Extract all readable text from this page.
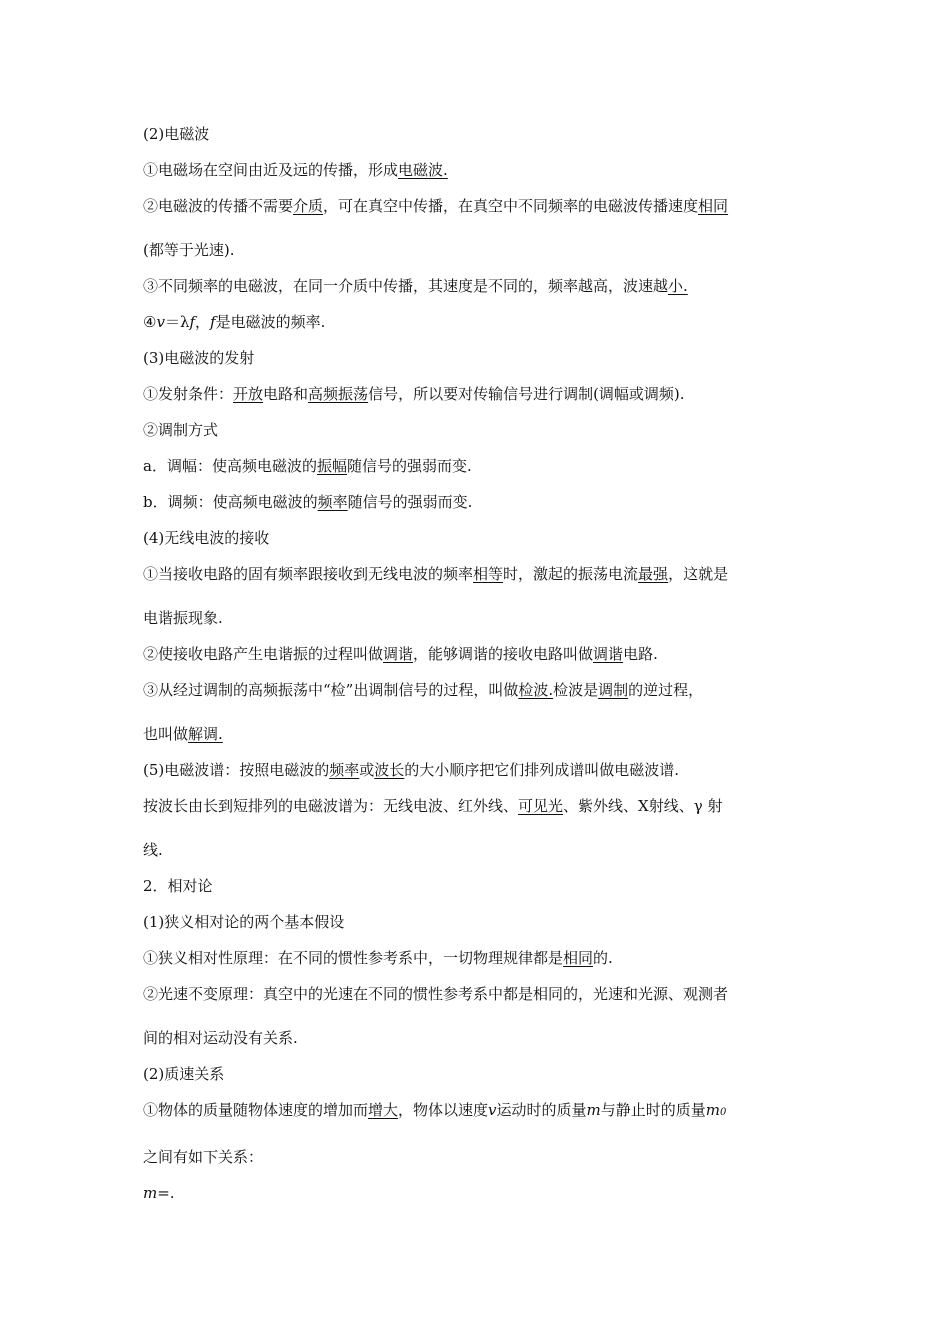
(2)电磁波

①电磁场在空间由近及远的传播，形成电磁波.

②电磁波的传播不需要介质，可在真空中传播，在真空中不同频率的电磁波传播速度相同

(都等于光速).

③不同频率的电磁波，在同一介质中传播，其速度是不同的，频率越高，波速越小.

④v＝λf，f是电磁波的频率.

(3)电磁波的发射

①发射条件：开放电路和高频振荡信号，所以要对传输信号进行调制(调幅或调频).

②调制方式

a．调幅：使高频电磁波的振幅随信号的强弱而变.

b．调频：使高频电磁波的频率随信号的强弱而变.

(4)无线电波的接收

①当接收电路的固有频率跟接收到无线电波的频率相等时，激起的振荡电流最强，这就是

电谐振现象.

②使接收电路产生电谐振的过程叫做调谐，能够调谐的接收电路叫做调谐电路.

③从经过调制的高频振荡中“检”出调制信号的过程，叫做检波.检波是调制的逆过程，

也叫做解调.

(5)电磁波谱：按照电磁波的频率或波长的大小顺序把它们排列成谱叫做电磁波谱.

按波长由长到短排列的电磁波谱为：无线电波、红外线、可见光、紫外线、X射线、γ 射

线.

2．相对论

(1)狭义相对论的两个基本假设

①狭义相对性原理：在不同的惯性参考系中，一切物理规律都是相同的.

②光速不变原理：真空中的光速在不同的惯性参考系中都是相同的，光速和光源、观测者

间的相对运动没有关系.

(2)质速关系

①物体的质量随物体速度的增加而增大，物体以速度v运动时的质量m与静止时的质量m0

之间有如下关系：

m=.
